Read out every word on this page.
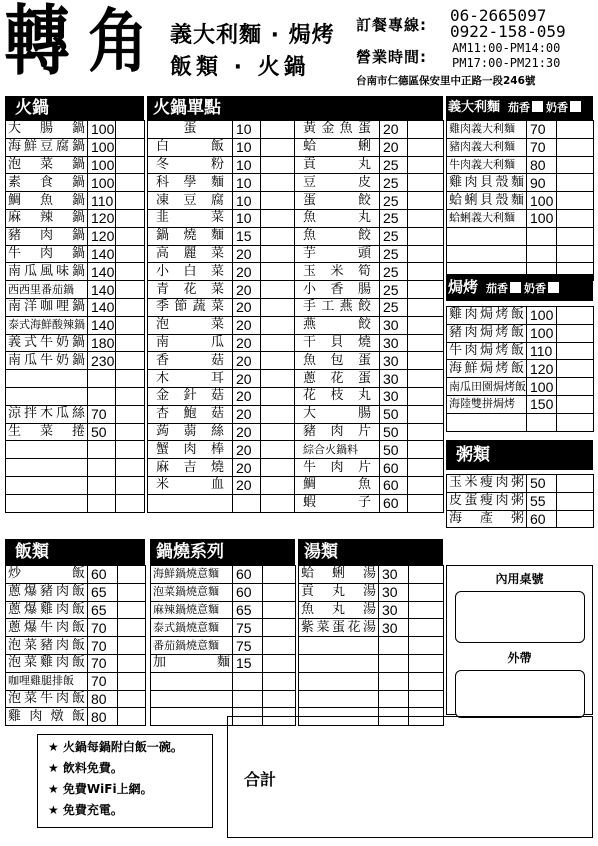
轉 角 義大利麵 · 焗烤
飯類 · 火鍋
訂餐專線: 06-2665097
0922-158-059
營業時間: AM11:00-PM14:00
PM17:00-PM21:30
台南市仁德區保安里中正路一段246號
火鍋	火鍋單點	義大利麵 茄香 奶香
大腸鍋	100	
海鮮豆腐鍋	100	
泡菜鍋	100	
素食鍋	100	
鯛魚鍋	110	
麻辣鍋	120	
豬肉鍋	120	
牛肉鍋	140	
南瓜風味鍋	140	
西西里番茄鍋	140	
南洋咖哩鍋	140	
泰式海鮮酸辣鍋	140	
義式牛奶鍋	180	
南瓜牛奶鍋	230	

涼拌木瓜絲	70	
生菜捲	50	

蛋	10		黃金魚蛋	20	
白飯	10		蛤蜊	20	
冬粉	10		貢丸	25	
科學麵	10		豆皮	25	
凍豆腐	10		蛋餃	25	
韭菜	10		魚丸	25	
鍋燒麵	15		魚餃	25	
高麗菜	20		芋頭	25	
小白菜	20		玉米筍	25	
青花菜	20		小香腸	25	
季節蔬菜	20		手工燕餃	25	
泡菜	20		燕餃	30	
南瓜	20		干貝燒	30	
香菇	20		魚包蛋	30	
木耳	20		蔥花蛋	30	
金針菇	20		花枝丸	30	
杏鮑菇	20		大腸	50	
蒟蒻絲	20		豬肉片	50	
蟹肉棒	20		綜合火鍋料	50	
麻吉燒	20		牛肉片	60	
米血	20		鯛魚	60	
			蝦子	60	
雞肉義大利麵	70	
豬肉義大利麵	70	
牛肉義大利麵	80	
雞肉貝殼麵	90	
蛤蜊貝殼麵	100	
蛤蜊義大利麵	100	

焗烤 茄香 奶香
雞肉焗烤飯	100	
豬肉焗烤飯	100	
牛肉焗烤飯	110	
海鮮焗烤飯	120	
南瓜田園焗烤飯	100	
海陸雙拼焗烤	150	

粥類
玉米瘦肉粥	50	
皮蛋瘦肉粥	55	
海產粥	60	
飯類	鍋燒系列	湯類
炒飯	60	
蔥爆豬肉飯	65	
蔥爆雞肉飯	65	
蔥爆牛肉飯	70	
泡菜豬肉飯	70	
泡菜雞肉飯	70	
咖哩雞腿排飯	70	
泡菜牛肉飯	80	
雞肉燉飯	80	
海鮮鍋燒意麵	60	
泡菜鍋燒意麵	60	
麻辣鍋燒意麵	65	
泰式鍋燒意麵	75	
番茄鍋燒意麵	75	
加麵	15	

蛤蜊湯	30	
貢丸湯	30	
魚丸湯	30	
紫菜蛋花湯	30	

內用桌號
外帶

★ 火鍋每鍋附白飯一碗。

★ 飲料免費。

★ 免費WiFi上網。

★ 免費充電。

合計
